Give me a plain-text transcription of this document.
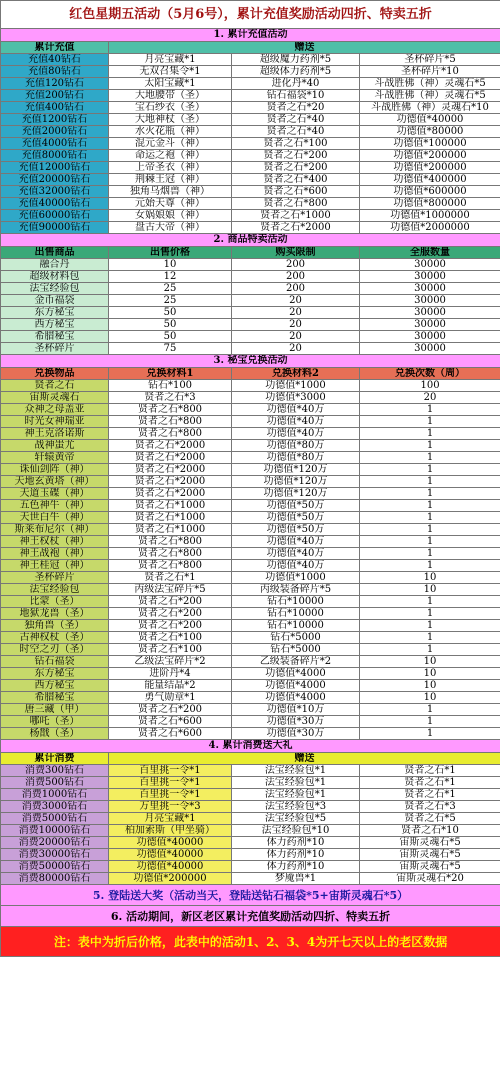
红色星期五活动（5月6号），累计充值奖励活动四折、特卖五折			
1. 累计充值活动			
累计充值	赠送		
充值40钻石	月亮宝藏*1	超级魔力药剂*5	圣杯碎片*5
充值80钻石	无双召集令*1	超级体力药剂*5	圣杯碎片*10
充值120钻石	太阳宝藏*1	进化丹*40	斗战胜佛（神）灵魂石*5
充值200钻石	大地腰带（圣）	钻石福袋*10	斗战胜佛（神）灵魂石*5
充值400钻石	宝石纱衣（圣）	贤者之石*20	斗战胜佛（神）灵魂石*10
充值1200钻石	大地神杖（圣）	贤者之石*40	功德值*40000
充值2000钻石	水火花瓶（神）	贤者之石*40	功德值*80000
充值4000钻石	混元金斗（神）	贤者之石*100	功德值*100000
充值8000钻石	命运之袍（神）	贤者之石*200	功德值*200000
充值12000钻石	上帝圣衣（神）	贤者之石*200	功德值*200000
充值20000钻石	荆棘王冠（神）	贤者之石*400	功德值*400000
充值32000钻石	独角乌烟兽（神）	贤者之石*600	功德值*600000
充值40000钻石	元始天尊（神）	贤者之石*800	功德值*800000
充值60000钻石	女娲娘娘（神）	贤者之石*1000	功德值*1000000
充值90000钻石	盘古大帝（神）	贤者之石*2000	功德值*2000000
2. 商品特卖活动			
出售商品	出售价格	购买限制	全服数量
融合丹	10	200	30000
超级材料包	12	200	30000
法宝经验包	25	200	30000
金币福袋	25	20	30000
东方秘宝	50	20	30000
西方秘宝	50	20	30000
希腊秘宝	50	20	30000
圣杯碎片	75	20	30000
3. 秘宝兑换活动			
兑换物品	兑换材料1	兑换材料2	兑换次数（周）
贤者之石	钻石*100	功德值*1000	100
宙斯灵魂石	贤者之石*3	功德值*3000	20
众神之母盖亚	贤者之石*800	功德值*40万	1
时光女神瑞亚	贤者之石*800	功德值*40万	1
神王克洛诺斯	贤者之石*800	功德值*40万	1
战神蚩尤	贤者之石*2000	功德值*80万	1
轩辕黄帝	贤者之石*2000	功德值*80万	1
诛仙剑阵（神）	贤者之石*2000	功德值*120万	1
天地玄黄塔（神）	贤者之石*2000	功德值*120万	1
天道玉碟（神）	贤者之石*2000	功德值*120万	1
五色神牛（神）	贤者之石*1000	功德值*50万	1
天世白牛（神）	贤者之石*1000	功德值*50万	1
斯莱布尼尔（神）	贤者之石*1000	功德值*50万	1
神王权杖（神）	贤者之石*800	功德值*40万	1
神王战袍（神）	贤者之石*800	功德值*40万	1
神王桂冠（神）	贤者之石*800	功德值*40万	1
圣杯碎片	贤者之石*1	功德值*1000	10
法宝经验包	丙级法宝碎片*5	丙级装备碎片*5	10
比蒙（圣）	贤者之石*200	钻石*10000	1
地狱龙兽（圣）	贤者之石*200	钻石*10000	1
独角兽（圣）	贤者之石*200	钻石*10000	1
古神权杖（圣）	贤者之石*100	钻石*5000	1
时空之刃（圣）	贤者之石*100	钻石*5000	1
钻石福袋	乙级法宝碎片*2	乙级装备碎片*2	10
东方秘宝	进阶丹*4	功德值*4000	10
西方秘宝	能量结晶*2	功德值*4000	10
希腊秘宝	勇气勋章*1	功德值*4000	10
唐三藏（甲）	贤者之石*200	功德值*10万	1
哪吒（圣）	贤者之石*600	功德值*30万	1
杨戬（圣）	贤者之石*600	功德值*30万	1
4. 累计消费送大礼			
累计消费	赠送		
消费300钻石	百里挑一令*1	法宝经验包*1	贤者之石*1
消费500钻石	百里挑一令*1	法宝经验包*1	贤者之石*1
消费1000钻石	百里挑一令*1	法宝经验包*1	贤者之石*1
消费3000钻石	万里挑一令*3	法宝经验包*3	贤者之石*3
消费5000钻石	月亮宝藏*1	法宝经验包*5	贤者之石*5
消费10000钻石	柏加索斯（甲坐骑）	法宝经验包*10	贤者之石*10
消费20000钻石	功德值*40000	体力药剂*10	宙斯灵魂石*5
消费30000钻石	功德值*40000	体力药剂*10	宙斯灵魂石*5
消费50000钻石	功德值*40000	体力药剂*10	宙斯灵魂石*5
消费80000钻石	功德值*200000	梦魇兽*1	宙斯灵魂石*20
5. 登陆送大奖（活动当天，登陆送钻石福袋*5+宙斯灵魂石*5）			
6. 活动期间，新区老区累计充值奖励活动四折、特卖五折			
注：表中为折后价格，此表中的活动1、2、3、4为开七天以上的老区数据			
